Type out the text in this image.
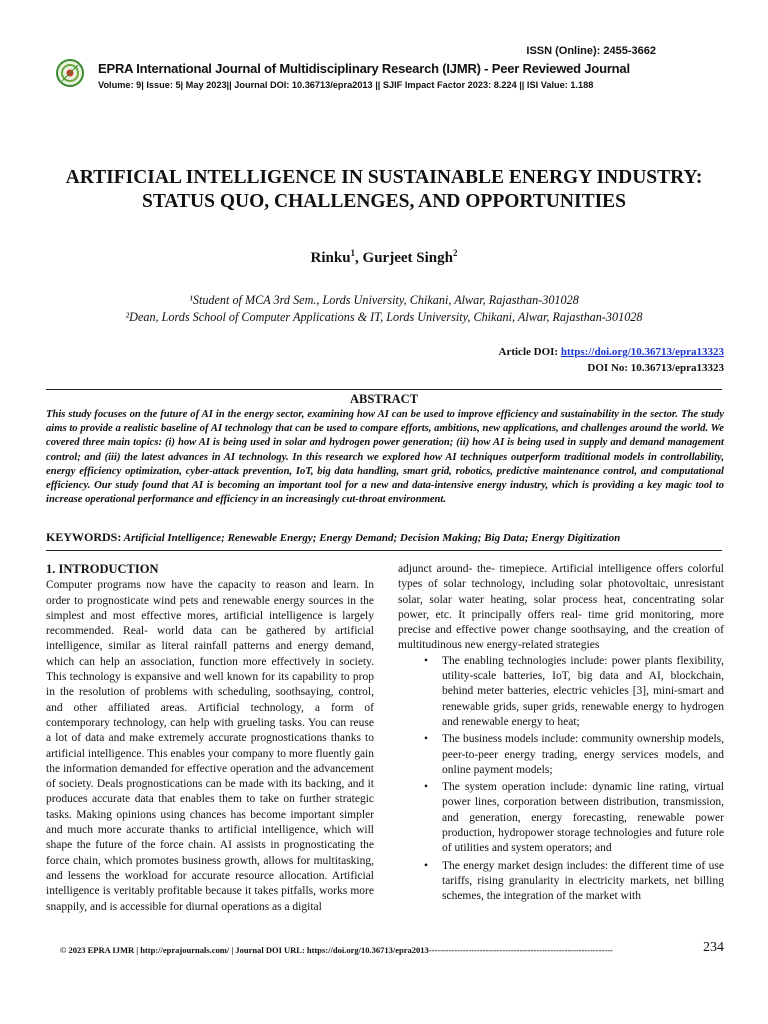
ISSN (Online): 2455-3662
EPRA International Journal of Multidisciplinary Research (IJMR) - Peer Reviewed Journal
Volume: 9| Issue: 5| May 2023|| Journal DOI: 10.36713/epra2013 || SJIF Impact Factor 2023: 8.224 || ISI Value: 1.188
ARTIFICIAL INTELLIGENCE IN SUSTAINABLE ENERGY INDUSTRY: STATUS QUO, CHALLENGES, AND OPPORTUNITIES
Rinku$^1$, Gurjeet Singh$^2$
¹Student of MCA 3rd Sem., Lords University, Chikani, Alwar, Rajasthan-301028
²Dean, Lords School of Computer Applications & IT, Lords University, Chikani, Alwar, Rajasthan-301028
Article DOI: https://doi.org/10.36713/epra13323
DOI No: 10.36713/epra13323
ABSTRACT
This study focuses on the future of AI in the energy sector, examining how AI can be used to improve efficiency and sustainability in the sector. The study aims to provide a realistic baseline of AI technology that can be used to compare efforts, ambitions, new applications, and challenges around the world. We covered three main topics: (i) how AI is being used in solar and hydrogen power generation; (ii) how AI is being used in supply and demand management control; and (iii) the latest advances in AI technology. In this research we explored how AI techniques outperform traditional models in controllability, energy efficiency optimization, cyber-attack prevention, IoT, big data handling, smart grid, robotics, predictive maintenance control, and computational efficiency. Our study found that AI is becoming an important tool for a new and data-intensive energy industry, which is providing a key magic tool to increase operational performance and efficiency in an increasingly cut-throat environment.
KEYWORDS: Artificial Intelligence; Renewable Energy; Energy Demand; Decision Making; Big Data; Energy Digitization
1. INTRODUCTION
Computer programs now have the capacity to reason and learn. In order to prognosticate wind pets and renewable energy sources in the simplest and most effective mores, artificial intelligence is largely recommended. Real- world data can be gathered by artificial intelligence, similar as literal rainfall patterns and energy demand, which can help an association, function more effectively in society. This technology is expansive and well known for its capability to prop in the resolution of problems with scheduling, soothsaying, control, and other affiliated areas. Artificial technology, a form of contemporary technology, can help with grueling tasks. You can reuse a lot of data and make extremely accurate prognostications thanks to artificial intelligence. This enables your company to more fluently gain the information demanded for effective operation and the advancement of society. Deals prognostications can be made with its backing, and it produces accurate data that enables them to take on further strategic tasks. Making opinions using chances has become important simpler and much more accurate thanks to artificial intelligence, which will shape the future of the force chain. AI assists in prognosticating the force chain, which promotes business growth, allows for multitasking, and lessens the workload for accurate resource allocation. Artificial intelligence is veritably profitable because it takes pitfalls, works more snappily, and is accessible for diurnal operations as a digital
adjunct around- the- timepiece. Artificial intelligence offers colorful types of solar technology, including solar photovoltaic, unresistant solar, solar water heating, solar process heat, concentrating solar power, etc. It principally offers real- time grid monitoring, more precise and effective power change soothsaying, and the creation of multitudinous new energy-related strategies
• The enabling technologies include: power plants flexibility, utility-scale batteries, IoT, big data and AI, blockchain, behind meter batteries, electric vehicles [3], mini-smart and renewable grids, super grids, renewable energy to hydrogen and renewable energy to heat;
• The business models include: community ownership models, peer-to-peer energy trading, energy services models, and online payment models;
• The system operation include: dynamic line rating, virtual power lines, corporation between distribution, transmission, and generation, energy forecasting, renewable power production, hydropower storage technologies and future role of utilities and system operators; and
• The energy market design includes: the different time of use tariffs, rising granularity in electricity markets, net billing schemes, the integration of the market with
© 2023 EPRA IJMR | http://eprajournals.com/ | Journal DOI URL: https://doi.org/10.36713/epra2013-----------------------------------------------------------------	234
